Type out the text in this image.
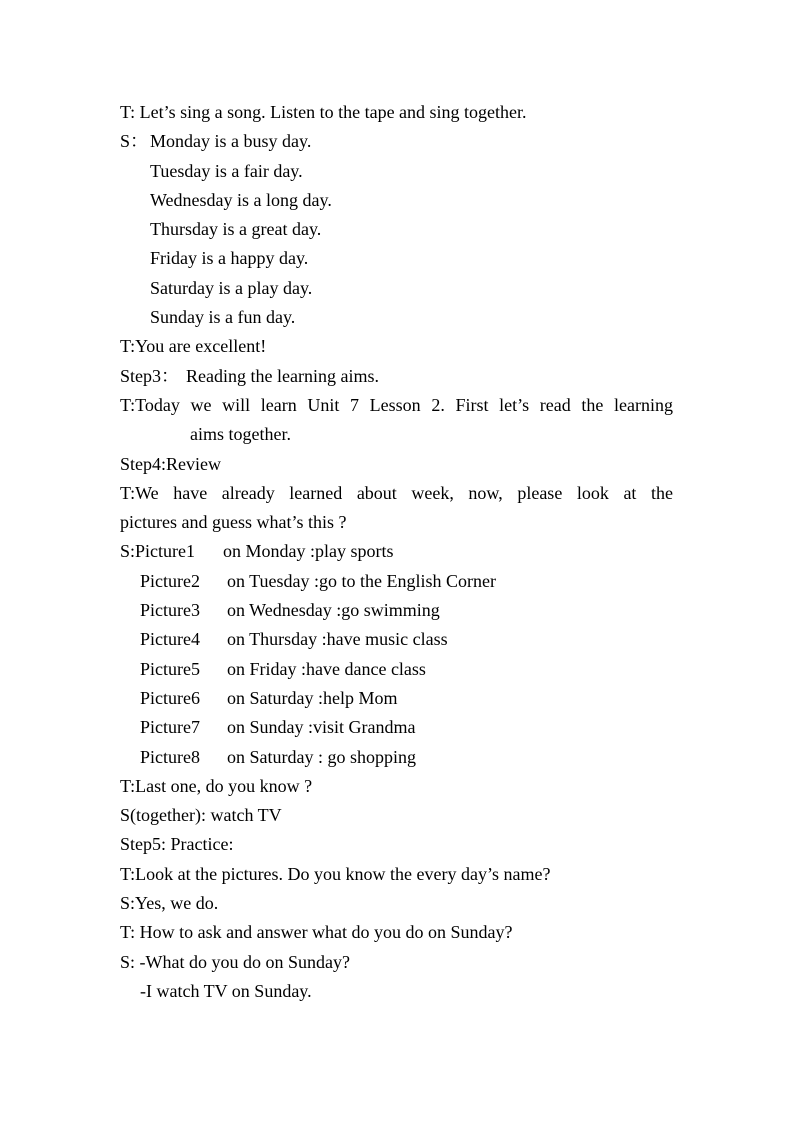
T: Let’s sing a song. Listen to the tape and sing together.
S： Monday is a busy day.
Tuesday is a fair day.
Wednesday is a long day.
Thursday is a great day.
Friday is a happy day.
Saturday is a play day.
Sunday is a fun day.
T:You are excellent!
Step3： Reading the learning aims.
T:Today we will learn Unit 7 Lesson 2. First let’s read the learning
aims together.
Step4:Review
T:We have already learned about week, now, please look at the
pictures and guess what’s this ?
S:Picture1	on Monday :play sports
Picture2	on Tuesday :go to the English Corner
Picture3	on Wednesday :go swimming
Picture4	on Thursday :have music class
Picture5	on Friday :have dance class
Picture6	on Saturday :help Mom
Picture7	on Sunday :visit Grandma
Picture8	on Saturday : go shopping
T:Last one, do you know ?
S(together): watch TV
Step5: Practice:
T:Look at the pictures. Do you know the every day’s name?
S:Yes, we do.
T: How to ask and answer what do you do on Sunday?
S: -What do you do on Sunday?
-I watch TV on Sunday.
